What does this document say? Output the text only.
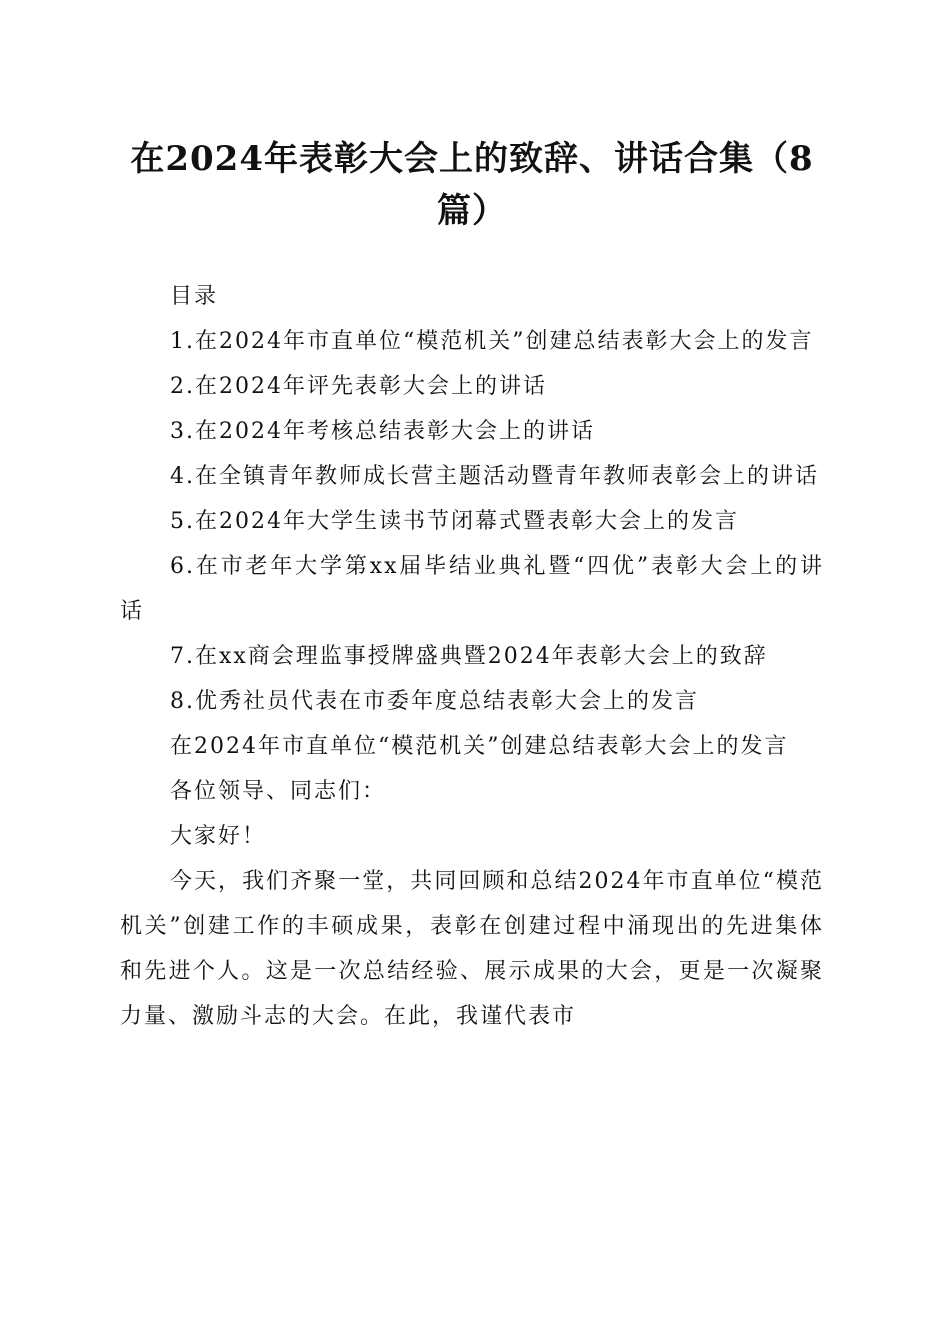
在2024年表彰大会上的致辞、讲话合集（8篇）

目录

1.在2024年市直单位“模范机关”创建总结表彰大会上的发言

2.在2024年评先表彰大会上的讲话

3.在2024年考核总结表彰大会上的讲话

4.在全镇青年教师成长营主题活动暨青年教师表彰会上的讲话

5.在2024年大学生读书节闭幕式暨表彰大会上的发言

6.在市老年大学第xx届毕结业典礼暨“四优”表彰大会上的讲话

7.在xx商会理监事授牌盛典暨2024年表彰大会上的致辞

8.优秀社员代表在市委年度总结表彰大会上的发言

在2024年市直单位“模范机关”创建总结表彰大会上的发言

各位领导、同志们：

大家好！

今天，我们齐聚一堂，共同回顾和总结2024年市直单位“模范机关”创建工作的丰硕成果，表彰在创建过程中涌现出的先进集体和先进个人。这是一次总结经验、展示成果的大会，更是一次凝聚力量、激励斗志的大会。在此，我谨代表市
